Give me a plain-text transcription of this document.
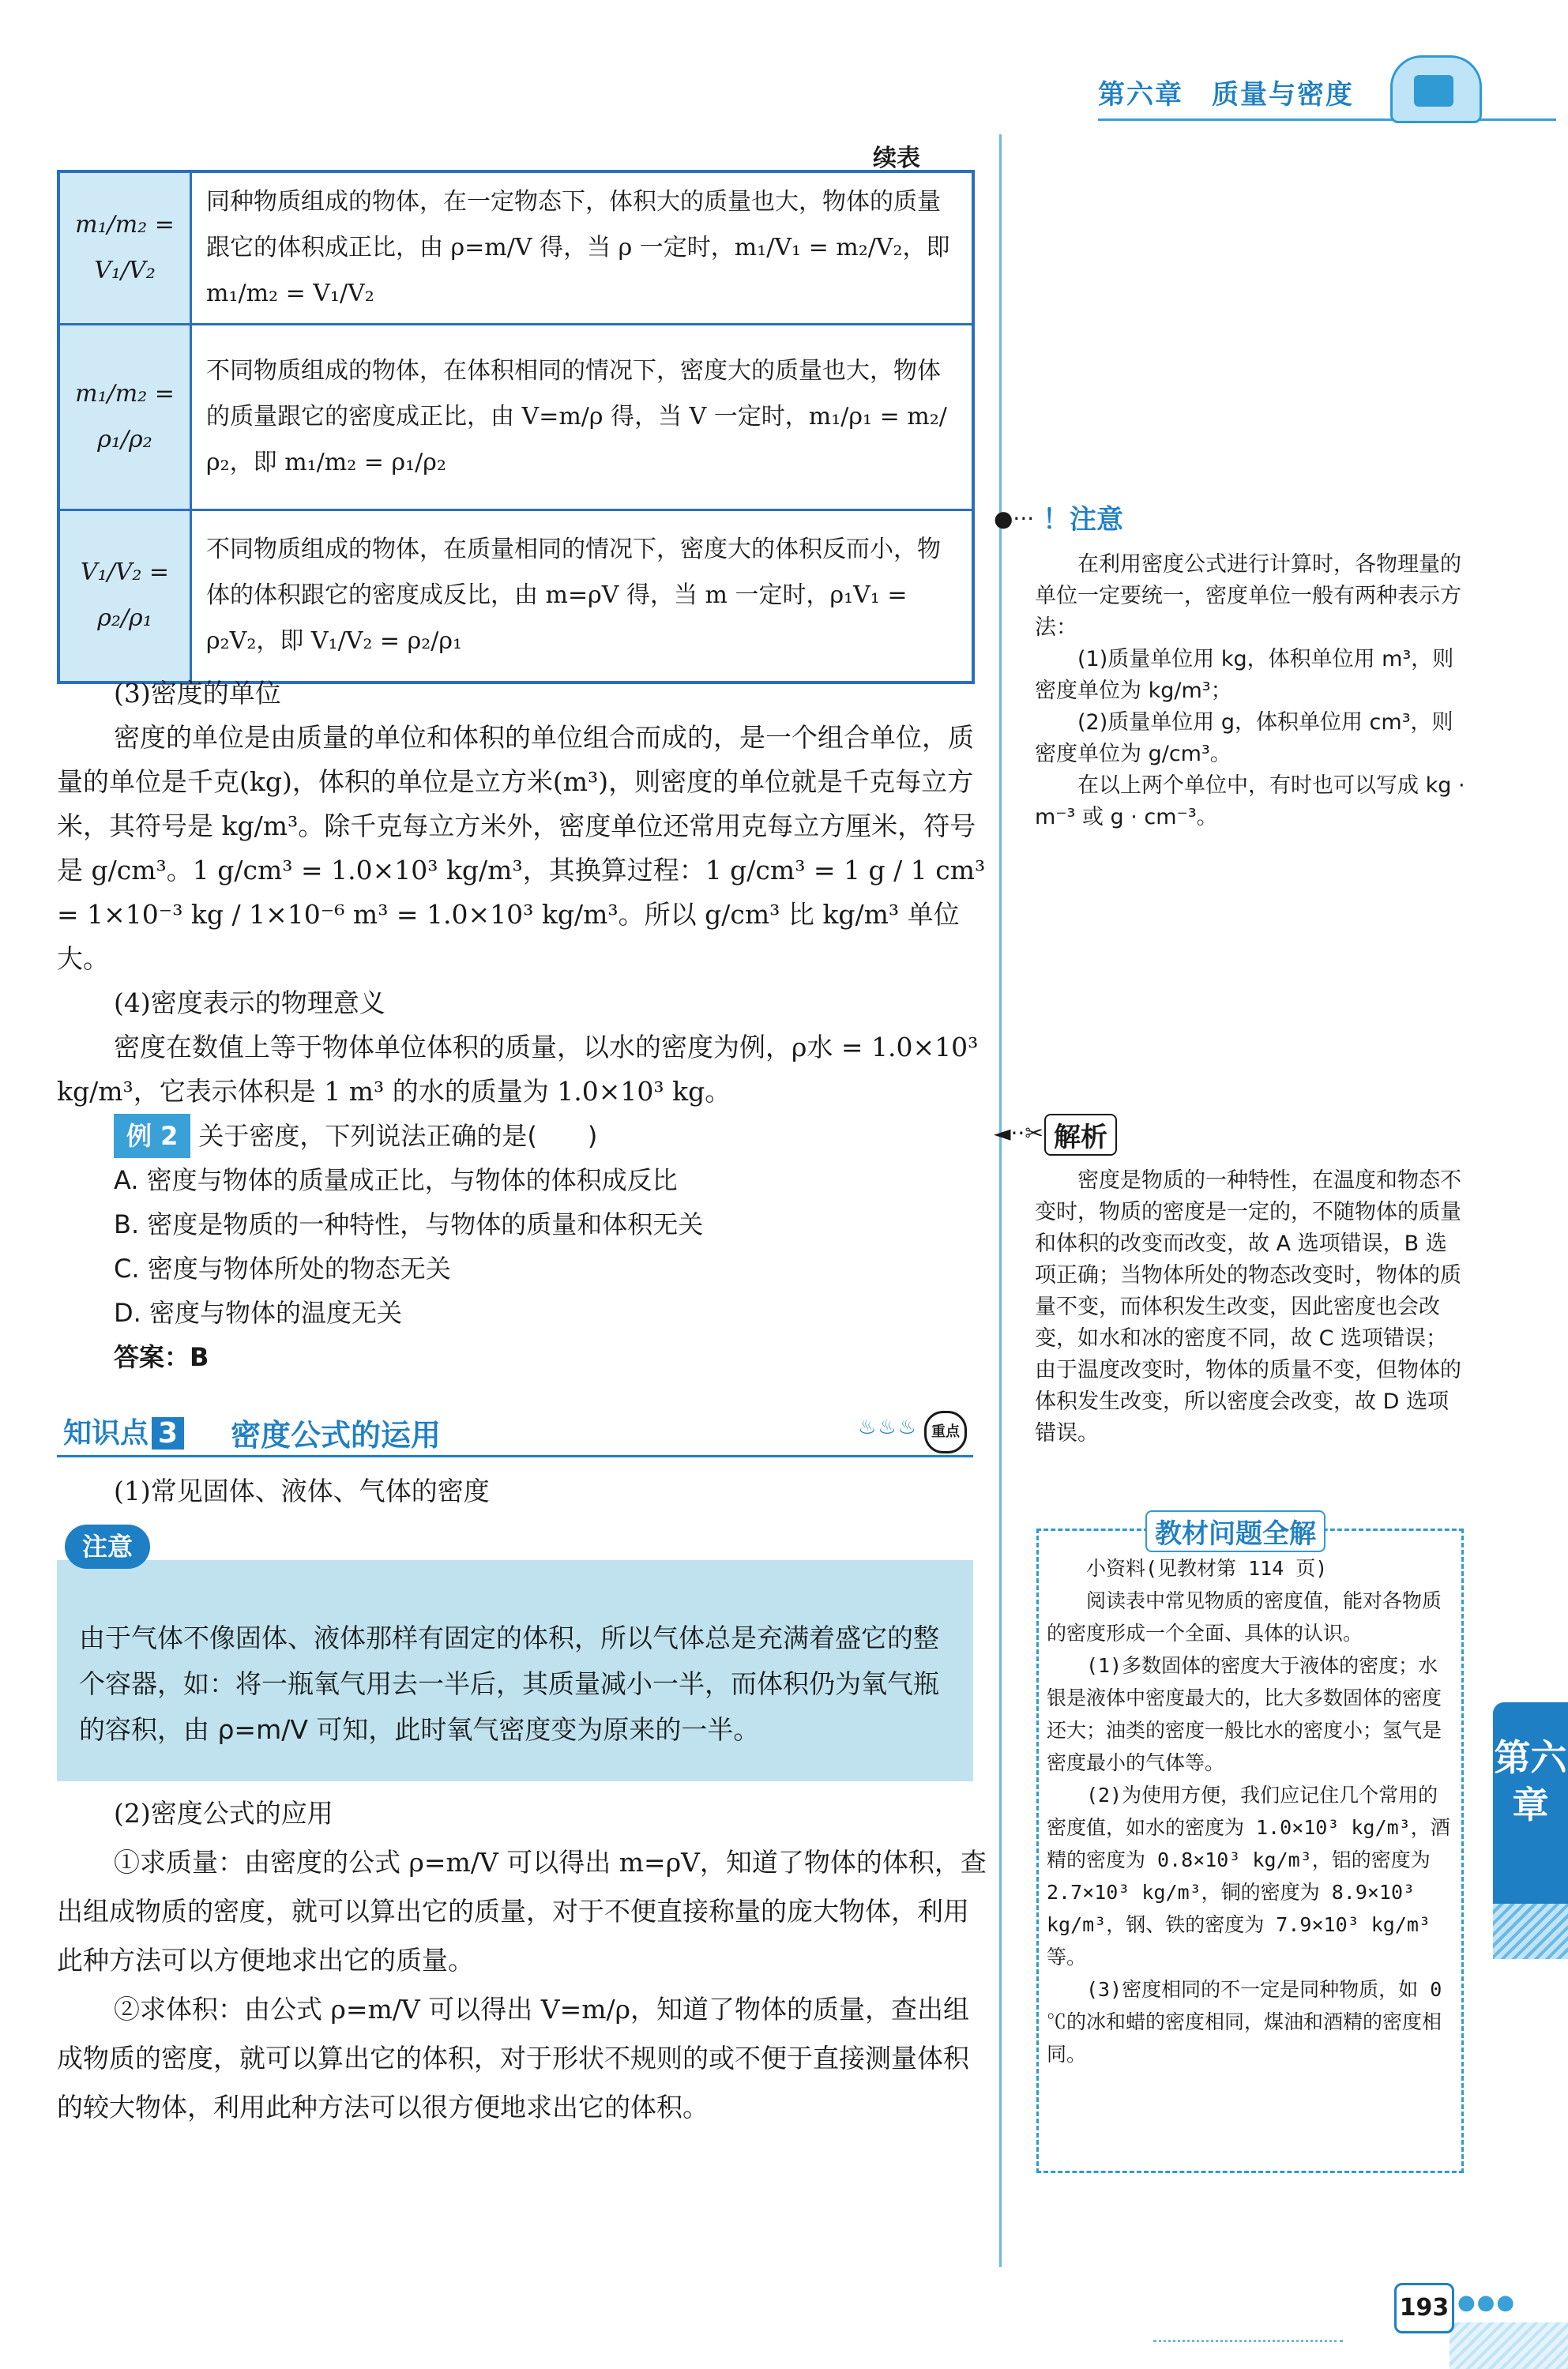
第六章　质量与密度
续表
m₁/m₂ = V₁/V₂	同种物质组成的物体，在一定物态下，体积大的质量也大，物体的质量跟它的体积成正比，由 ρ=m/V 得，当 ρ 一定时，m₁/V₁ = m₂/V₂，即 m₁/m₂ = V₁/V₂
m₁/m₂ = ρ₁/ρ₂	不同物质组成的物体，在体积相同的情况下，密度大的质量也大，物体的质量跟它的密度成正比，由 V=m/ρ 得，当 V 一定时，m₁/ρ₁ = m₂/ρ₂，即 m₁/m₂ = ρ₁/ρ₂
V₁/V₂ = ρ₂/ρ₁	不同物质组成的物体，在质量相同的情况下，密度大的体积反而小，物体的体积跟它的密度成反比，由 m=ρV 得，当 m 一定时，ρ₁V₁ = ρ₂V₂，即 V₁/V₂ = ρ₂/ρ₁

(3)密度的单位

密度的单位是由质量的单位和体积的单位组合而成的，是一个组合单位，质量的单位是千克(kg)，体积的单位是立方米(m³)，则密度的单位就是千克每立方米，其符号是 kg/m³。除千克每立方米外，密度单位还常用克每立方厘米，符号是 g/cm³。1 g/cm³ = 1.0×10³ kg/m³，其换算过程：1 g/cm³ = 1 g / 1 cm³ = 1×10⁻³ kg / 1×10⁻⁶ m³ = 1.0×10³ kg/m³。所以 g/cm³ 比 kg/m³ 单位大。

(4)密度表示的物理意义

密度在数值上等于物体单位体积的质量，以水的密度为例，ρ水 = 1.0×10³ kg/m³，它表示体积是 1 m³ 的水的质量为 1.0×10³ kg。

例 2 关于密度，下列说法正确的是(　　)

A. 密度与物体的质量成正比，与物体的体积成反比

B. 密度是物质的一种特性，与物体的质量和体积无关

C. 密度与物体所处的物态无关

D. 密度与物体的温度无关

答案：B

知识点 3	密度公式的运用	♨♨♨ 重点

(1)常见固体、液体、气体的密度

注意
由于气体不像固体、液体那样有固定的体积，所以气体总是充满着盛它的整个容器，如：将一瓶氧气用去一半后，其质量减小一半，而体积仍为氧气瓶的容积，由 ρ=m/V 可知，此时氧气密度变为原来的一半。

(2)密度公式的应用

①求质量：由密度的公式 ρ=m/V 可以得出 m=ρV，知道了物体的体积，查出组成物质的密度，就可以算出它的质量，对于不便直接称量的庞大物体，利用此种方法可以方便地求出它的质量。

②求体积：由公式 ρ=m/V 可以得出 V=m/ρ，知道了物体的质量，查出组成物质的密度，就可以算出它的体积，对于形状不规则的或不便于直接测量体积的较大物体，利用此种方法可以很方便地求出它的体积。

●··· ！注意

在利用密度公式进行计算时，各物理量的单位一定要统一，密度单位一般有两种表示方法：

(1)质量单位用 kg，体积单位用 m³，则密度单位为 kg/m³；

(2)质量单位用 g，体积单位用 cm³，则密度单位为 g/cm³。

在以上两个单位中，有时也可以写成 kg · m⁻³ 或 g · cm⁻³。

◄··✂ 解析

密度是物质的一种特性，在温度和物态不变时，物质的密度是一定的，不随物体的质量和体积的改变而改变，故 A 选项错误，B 选项正确；当物体所处的物态改变时，物体的质量不变，而体积发生改变，因此密度也会改变，如水和冰的密度不同，故 C 选项错误；由于温度改变时，物体的质量不变，但物体的体积发生改变，所以密度会改变，故 D 选项错误。

教材问题全解

小资料(见教材第 114 页)

阅读表中常见物质的密度值，能对各物质的密度形成一个全面、具体的认识。

(1)多数固体的密度大于液体的密度；水银是液体中密度最大的，比大多数固体的密度还大；油类的密度一般比水的密度小；氢气是密度最小的气体等。

(2)为使用方便，我们应记住几个常用的密度值，如水的密度为 1.0×10³ kg/m³，酒精的密度为 0.8×10³ kg/m³，铝的密度为 2.7×10³ kg/m³，铜的密度为 8.9×10³ kg/m³，钢、铁的密度为 7.9×10³ kg/m³ 等。

(3)密度相同的不一定是同种物质，如 0 ℃的冰和蜡的密度相同，煤油和酒精的密度相同。

第六章
193 ●●●
